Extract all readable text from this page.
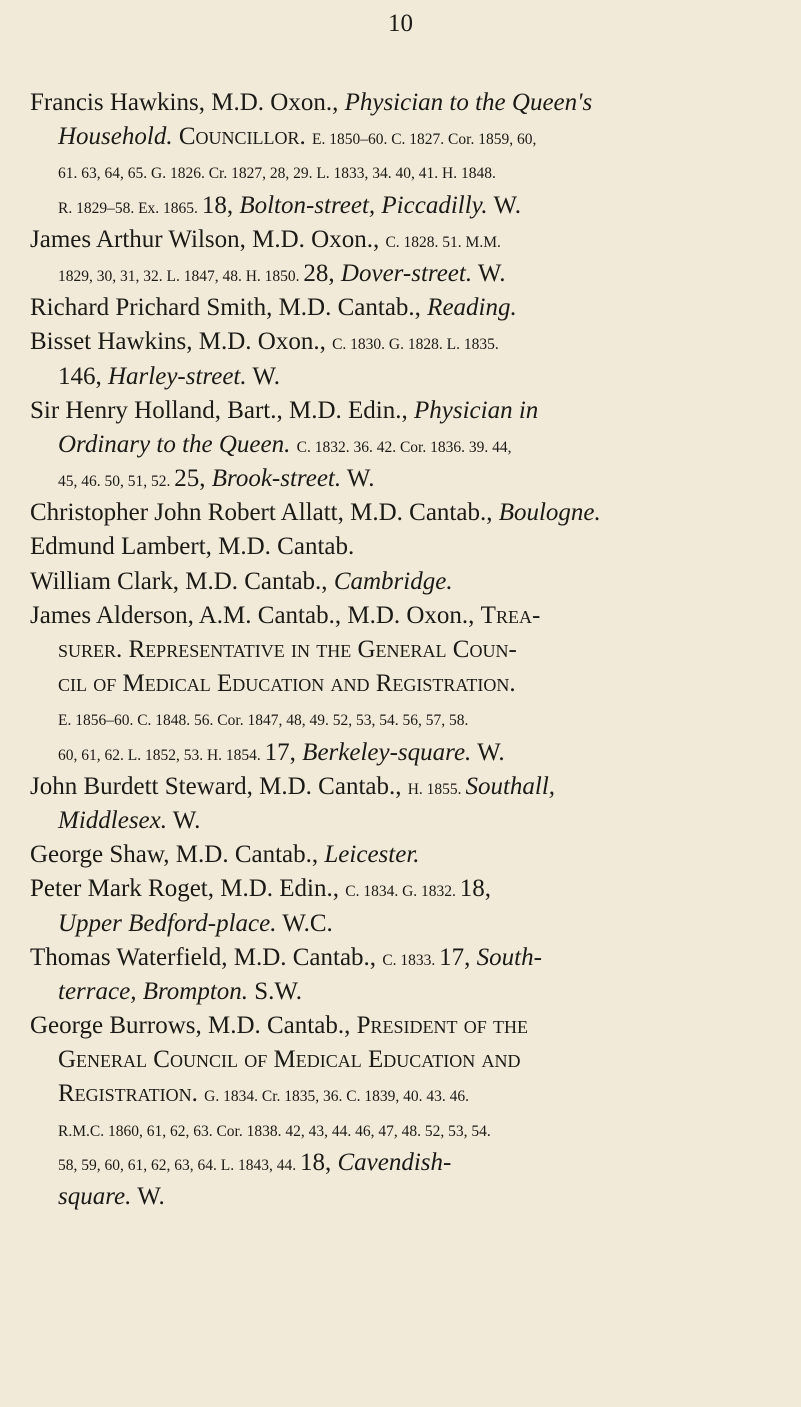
10
Francis Hawkins, M.D. Oxon., Physician to the Queen's
Household. Councillor. E. 1850–60. C. 1827. Cor. 1859, 60,
61. 63, 64, 65. G. 1826. Cr. 1827, 28, 29. L. 1833, 34. 40, 41. H. 1848.
R. 1829–58. Ex. 1865. 18, Bolton-street, Piccadilly. W.
James Arthur Wilson, M.D. Oxon., C. 1828. 51. M.M.
1829, 30, 31, 32. L. 1847, 48. H. 1850. 28, Dover-street. W.
Richard Prichard Smith, M.D. Cantab., Reading.
Bisset Hawkins, M.D. Oxon., C. 1830. G. 1828. L. 1835.
146, Harley-street. W.
Sir Henry Holland, Bart., M.D. Edin., Physician in
Ordinary to the Queen. C. 1832. 36. 42. Cor. 1836. 39. 44,
45, 46. 50, 51, 52. 25, Brook-street. W.
Christopher John Robert Allatt, M.D. Cantab., Boulogne.
Edmund Lambert, M.D. Cantab.
William Clark, M.D. Cantab., Cambridge.
James Alderson, A.M. Cantab., M.D. Oxon., Trea-
surer. Representative in the General Coun-
cil of Medical Education and Registration.
E. 1856–60. C. 1848. 56. Cor. 1847, 48, 49. 52, 53, 54. 56, 57, 58.
60, 61, 62. L. 1852, 53. H. 1854. 17, Berkeley-square. W.
John Burdett Steward, M.D. Cantab., H. 1855. Southall,
Middlesex. W.
George Shaw, M.D. Cantab., Leicester.
Peter Mark Roget, M.D. Edin., C. 1834. G. 1832. 18,
Upper Bedford-place. W.C.
Thomas Waterfield, M.D. Cantab., C. 1833. 17, South-
terrace, Brompton. S.W.
George Burrows, M.D. Cantab., President of the
General Council of Medical Education and
Registration. G. 1834. Cr. 1835, 36. C. 1839, 40. 43. 46.
R.M.C. 1860, 61, 62, 63. Cor. 1838. 42, 43, 44. 46, 47, 48. 52, 53, 54.
58, 59, 60, 61, 62, 63, 64. L. 1843, 44. 18, Cavendish-
square. W.
